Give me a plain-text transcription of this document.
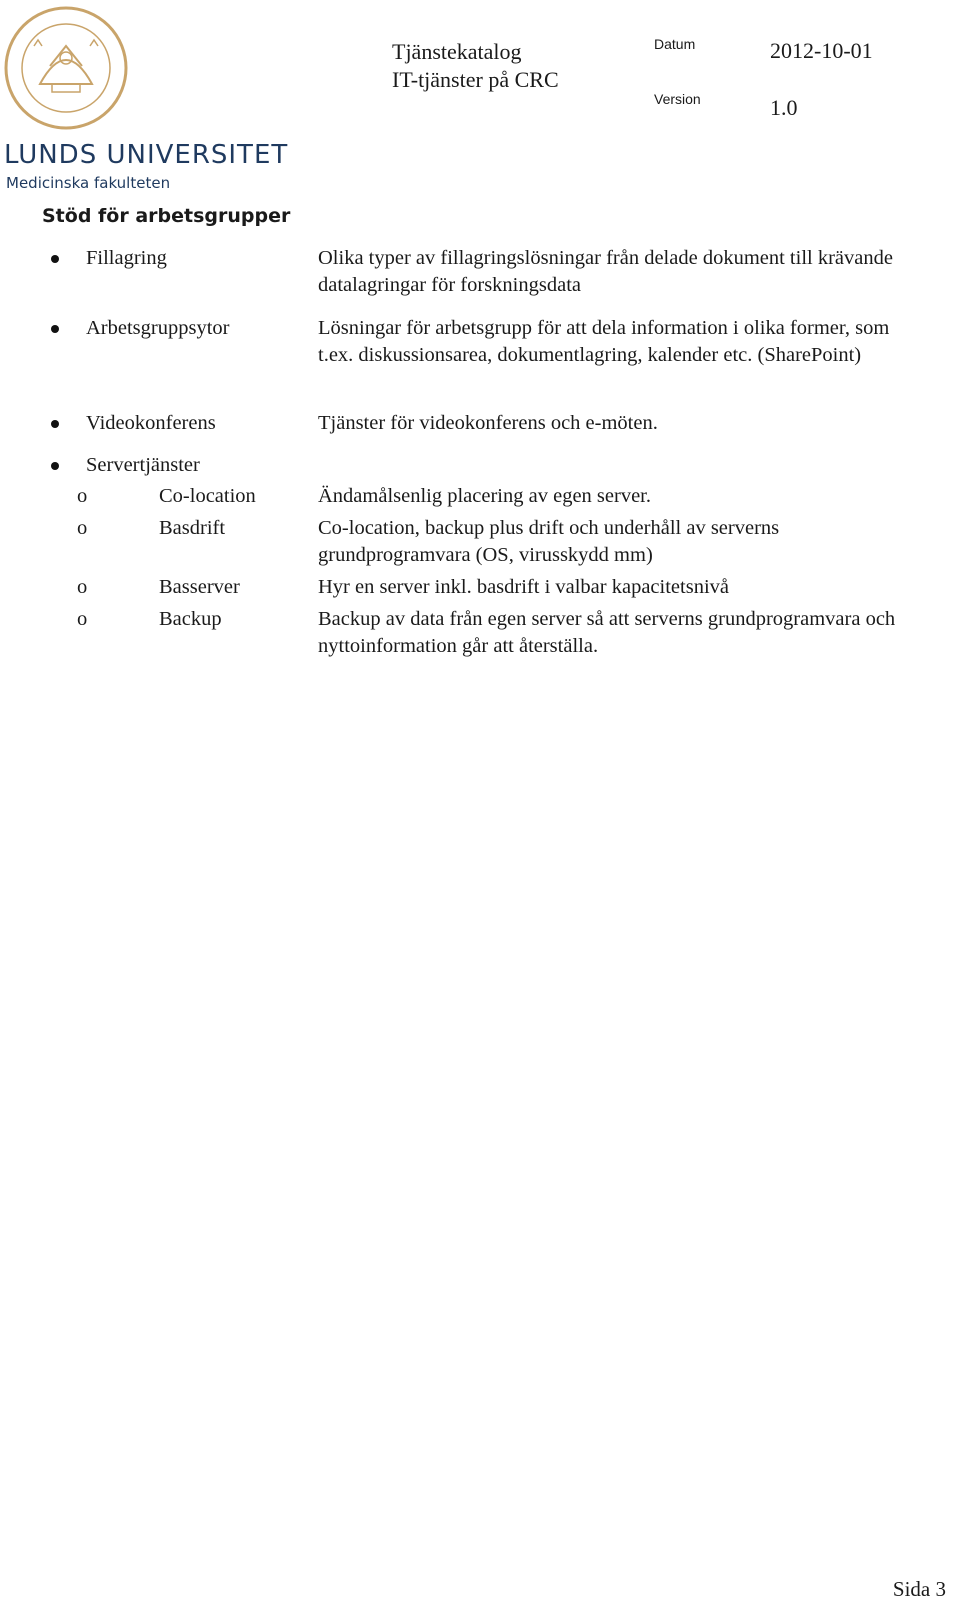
LUNDS UNIVERSITET
Medicinska fakulteten
Tjänstekatalog
IT-tjänster på CRC
Datum	2012-10-01
Version	1.0
Stöd för arbetsgrupper
Fillagring	Olika typer av fillagringslösningar från delade dokument till krävande datalagringar för forskningsdata
Arbetsgruppsytor	Lösningar för arbetsgrupp för att dela information i olika former, som t.ex. diskussionsarea, dokumentlagring, kalender etc. (SharePoint)
Videokonferens	Tjänster för videokonferens och e-möten.
Servertjänster
o	Co-location	Ändamålsenlig placering av egen server.
o	Basdrift	Co-location, backup plus drift och underhåll av serverns grundprogramvara (OS, virusskydd mm)
o	Basserver	Hyr en server inkl. basdrift i valbar kapacitetsnivå
o	Backup	Backup av data från egen server så att serverns grundprogramvara och nyttoinformation går att återställa.
Sida 3
